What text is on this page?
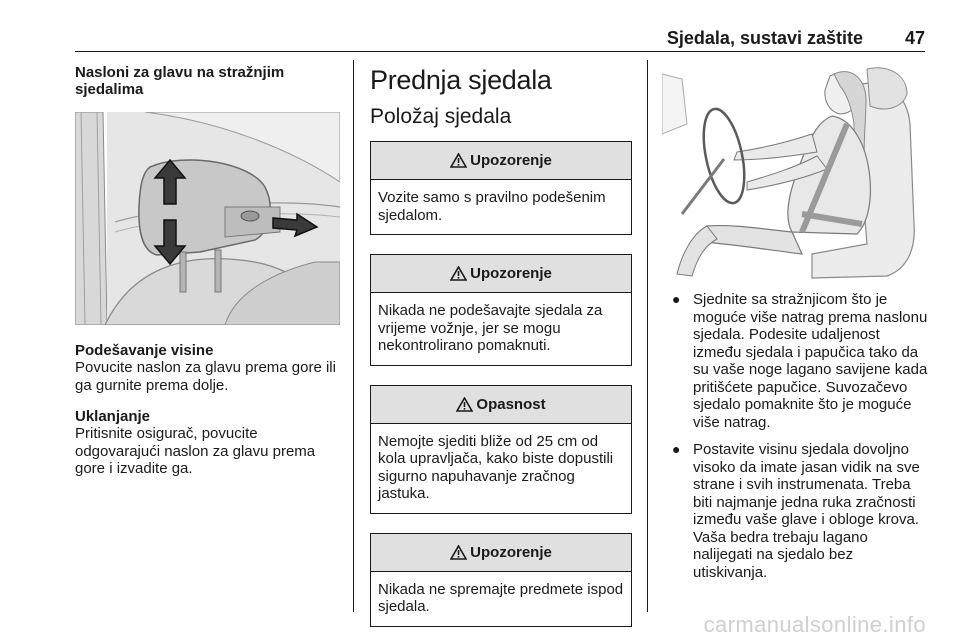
Sjedala, sustavi zaštite 47
Nasloni za glavu na stražnjim sjedalima
Podešavanje visine
Povucite naslon za glavu prema gore ili ga gurnite prema dolje.
Uklanjanje
Pritisnite osigurač, povucite odgovarajući naslon za glavu prema gore i izvadite ga.
Prednja sjedala
Položaj sjedala
Upozorenje
Vozite samo s pravilno podešenim sjedalom.
Upozorenje
Nikada ne podešavajte sjedala za vrijeme vožnje, jer se mogu nekontrolirano pomaknuti.
Opasnost
Nemojte sjediti bliže od 25 cm od kola upravljača, kako biste dopustili sigurno napuhavanje zračnog jastuka.
Upozorenje
Nikada ne spremajte predmete ispod sjedala.
● Sjednite sa stražnjicom što je moguće više natrag prema naslonu sjedala. Podesite udaljenost između sjedala i papučica tako da su vaše noge lagano savijene kada pritišćete papučice. Suvozačevo sjedalo pomaknite što je moguće više natrag.
● Postavite visinu sjedala dovoljno visoko da imate jasan vidik na sve strane i svih instrumenata. Treba biti najmanje jedna ruka zračnosti između vaše glave i obloge krova. Vaša bedra trebaju lagano nalijegati na sjedalo bez utiskivanja.
carmanualsonline.info
